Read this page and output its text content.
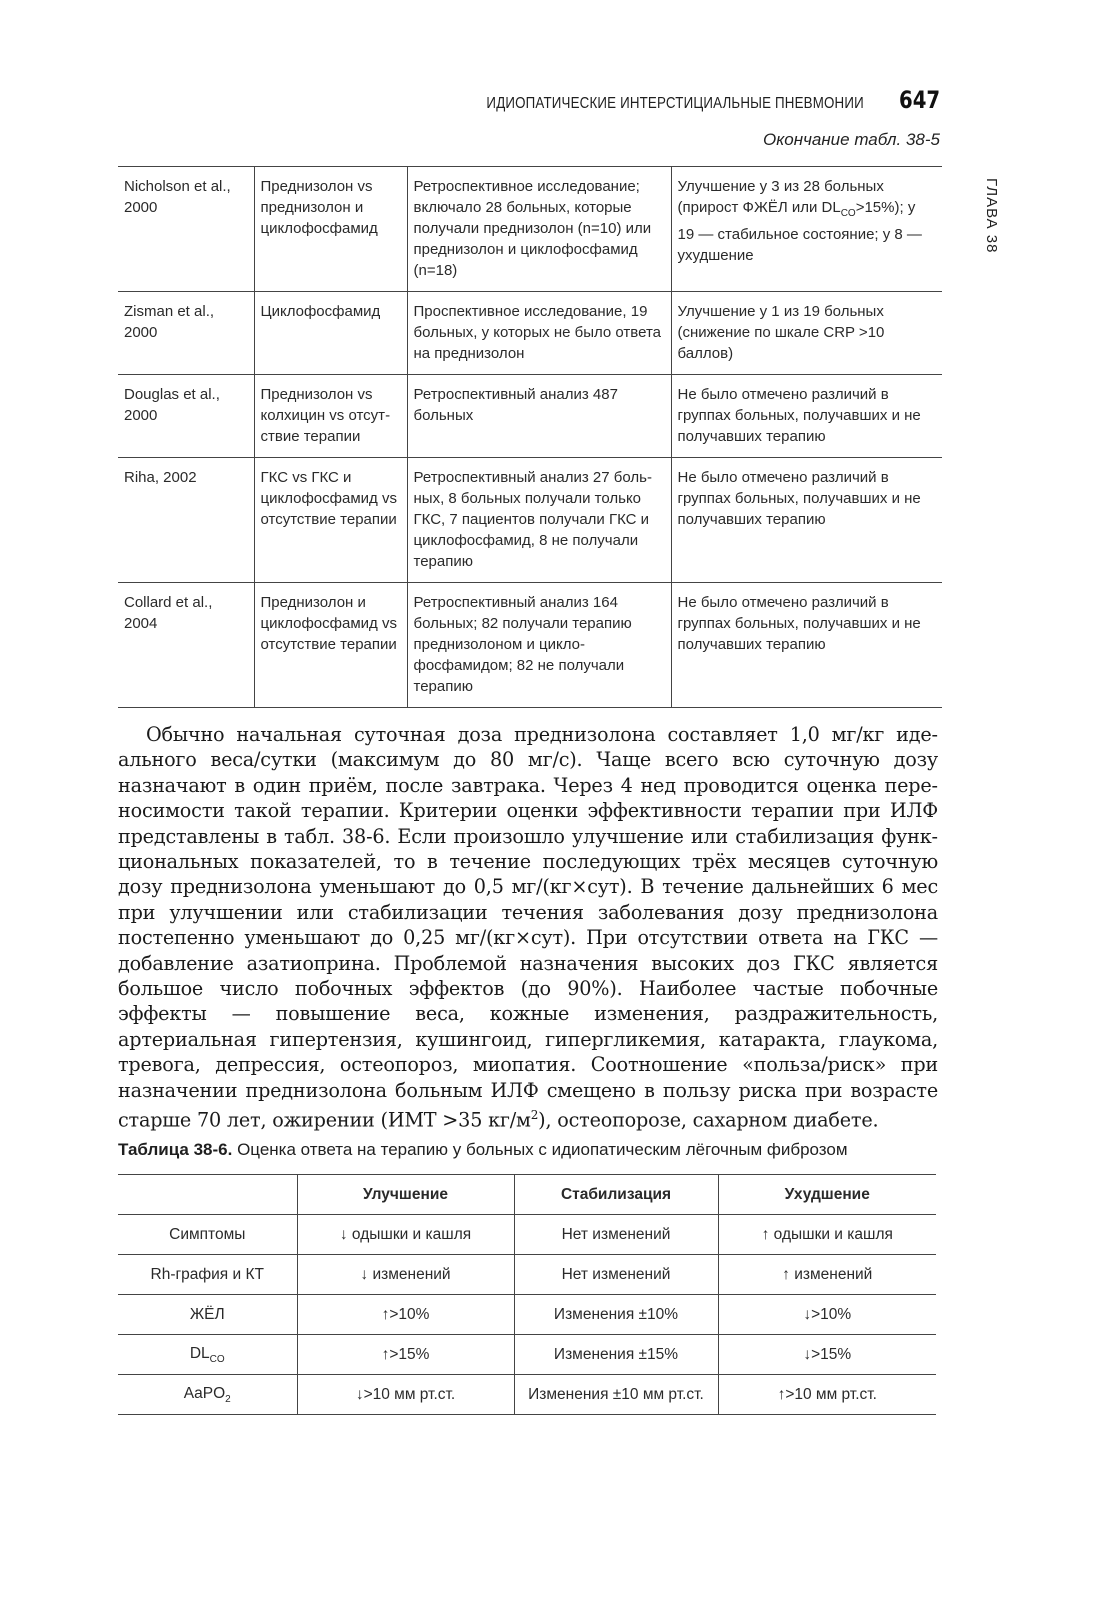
ИДИОПАТИЧЕСКИЕ ИНТЕРСТИЦИАЛЬНЫЕ ПНЕВМОНИИ 647
ГЛАВА 38
Окончание табл. 38-5
Nicholson et al., 2000	Преднизолон vs преднизолон и циклофосфамид	Ретроспективное исследование; включало 28 больных, которые получали преднизолон (n=10) или преднизолон и циклофосфамид (n=18)	Улучшение у 3 из 28 больных (прирост ФЖЁЛ или $DL_{CO}>15\%$); у 19 — стабильное состояние; у 8 — ухудшение
Zisman et al., 2000	Циклофосфамид	Проспективное исследование, 19 больных, у которых не было ответа на преднизолон	Улучшение у 1 из 19 больных (снижение по шкале CRP >10 баллов)
Douglas et al., 2000	Преднизолон vs колхицин vs отсутствие терапии	Ретроспективный анализ 487 больных	Не было отмечено различий в группах больных, получавших и не получавших терапию
Riha, 2002	ГКС vs ГКС и циклофосфамид vs отсутствие терапии	Ретроспективный анализ 27 больных, 8 больных получали только ГКС, 7 пациентов получали ГКС и циклофосфамид, 8 не получали терапию	Не было отмечено различий в группах больных, получавших и не получавших терапию
Collard et al., 2004	Преднизолон и циклофосфамид vs отсутствие терапии	Ретроспективный анализ 164 больных; 82 получали терапию преднизолоном и циклофосфамидом; 82 не получали терапию	Не было отмечено различий в группах больных, получавших и не получавших терапию

Обычно начальная суточная доза преднизолона составляет 1,0 мг/кг идеального веса/сутки (максимум до 80 мг/с). Чаще всего всю суточную дозу назначают в один приём, после завтрака. Через 4 нед проводится оценка переносимости такой терапии. Критерии оценки эффективности терапии при ИЛФ представлены в табл. 38-6. Если произошло улучшение или стабилизация функциональных показателей, то в течение последующих трёх месяцев суточную дозу преднизолона уменьшают до 0,5 мг/(кг×сут). В течение дальнейших 6 мес при улучшении или стабилизации течения заболевания дозу преднизолона постепенно уменьшают до 0,25 мг/(кг×сут). При отсутствии ответа на ГКС — добавление азатиоприна. Проблемой назначения высоких доз ГКС является большое число побочных эффектов (до 90%). Наиболее частые побочные эффекты — повышение веса, кожные изменения, раздражительность, артериальная гипертензия, кушингоид, гипергликемия, катаракта, глаукома, тревога, депрессия, остеопороз, миопатия. Соотношение «польза/риск» при назначении преднизолона больным ИЛФ смещено в пользу риска при возрасте старше 70 лет, ожирении (ИМТ >35 $кг/м^2$), остеопорозе, сахарном диабете.

Таблица 38-6. Оценка ответа на терапию у больных с идиопатическим лёгочным фиброзом
	Улучшение	Стабилизация	Ухудшение
Симптомы	↓ одышки и кашля	Нет изменений	↑ одышки и кашля
Rh-графия и КТ	↓ изменений	Нет изменений	↑ изменений
ЖЁЛ	↑>10%	Изменения ±10%	↓>10%
$DL_{CO}$	↑>15%	Изменения ±15%	↓>15%
AaPO$_2$	↓>10 мм рт.ст.	Изменения ±10 мм рт.ст.	↑>10 мм рт.ст.
